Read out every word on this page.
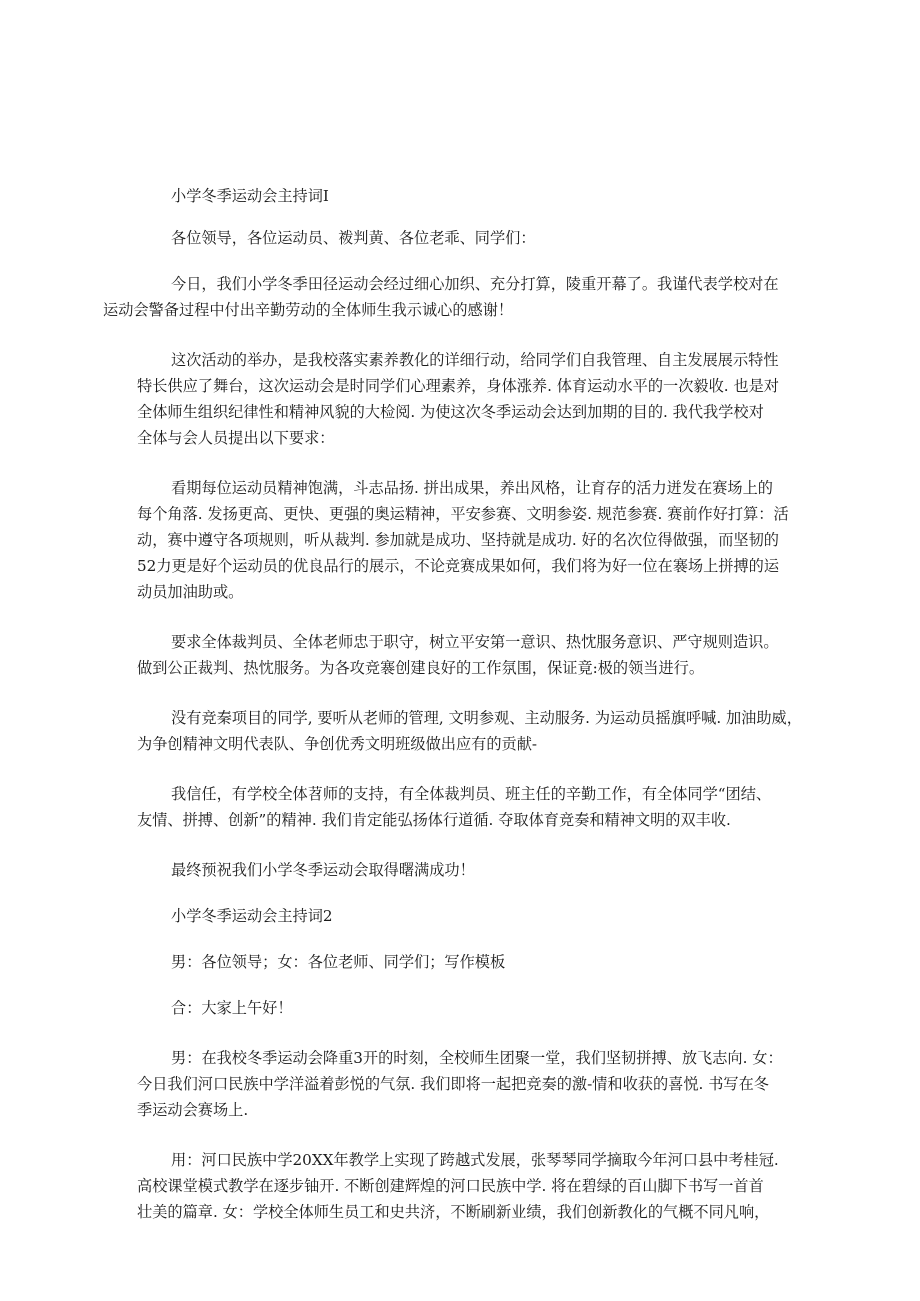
小学冬季运动会主持词I

各位领导，各位运动员、袯判黄、各位老乖、同学们：

今日，我们小学冬季田径运动会经过细心加织、充分打算，陵重开幕了。我谨代表学校对在
运动会警备过程中付出辛勤劳动的全体师生我示诚心的感谢！

这次活动的举办，是我校落实素养教化的详细行动，给同学们自我管理、自主发展展示特性
特长供应了舞台，这次运动会是时同学们心理素养，身体涨养. 体育运动水平的一次毅收. 也是对
全体师生组织纪律性和精神风貌的大检阅. 为使这次冬季运动会达到加期的目的. 我代我学校对
全体与会人员提出以下要求：

看期每位运动员精神饱满，斗志品扬. 拼出成果，养出风格，让育存的活力迸发在赛场上的
每个角落. 发扬更高、更快、更强的奥运精神，平安参赛、文明参姿. 规范参赛. 赛前作好打算：活
动，赛中遵守各项规则，听从裁判. 参加就是成功、坚持就是成功. 好的名次位得做强，而坚韧的
52力更是好个运动员的优良品行的展示，不论竞赛成果如何，我们将为好一位在褰场上拼搏的运
动员加油助或。

要求全体裁判员、全体老师忠于职守，树立平安第一意识、热忱服务意识、严守规则造识。
做到公正裁判、热忱服务。为各攻竞褰创建良好的工作氛围，保证竟:极的领当进行。

没有竞秦项目的同学, 要听从老师的管理, 文明参观、主动服务. 为运动员摇旗呼喊. 加油助威，
为争创精神文明代表队、争创优秀文明班级做出应有的贡献-

我信任，有学校全体苕师的支持，有全体裁判员、班主任的辛勤工作，有全体同学“团结、
友情、拼搏、创新”的精神. 我们肯定能弘扬体行道循. 夺取体育竞奏和精神文明的双丰收.

最终预祝我们小学冬季运动会取得曙满成功！

小学冬季运动会主持词2

男：各位领导；女：各位老师、同学们；写作模板

合：大家上午好！

男：在我校冬季运动会降重3开的时刻，全校师生团聚一堂，我们坚韧拼搏、放飞志向. 女：
今日我们河口民族中学洋溢着彭悦的气氛. 我们即将一起把竞奏的激-情和收获的喜悦. 书写在冬
季运动会赛场上.

用：河口民族中学20XX年教学上实现了跨越式发展，张琴琴同学摘取今年河口县中考桂冠.
高校课堂模式教学在逐步铀开. 不断创建辉煌的河口民族中学. 将在碧绿的百山脚下书写一首首
壮美的篇章. 女：学校全体师生员工和史共济，不断刷新业绩，我们创新教化的气概不同凡响，
